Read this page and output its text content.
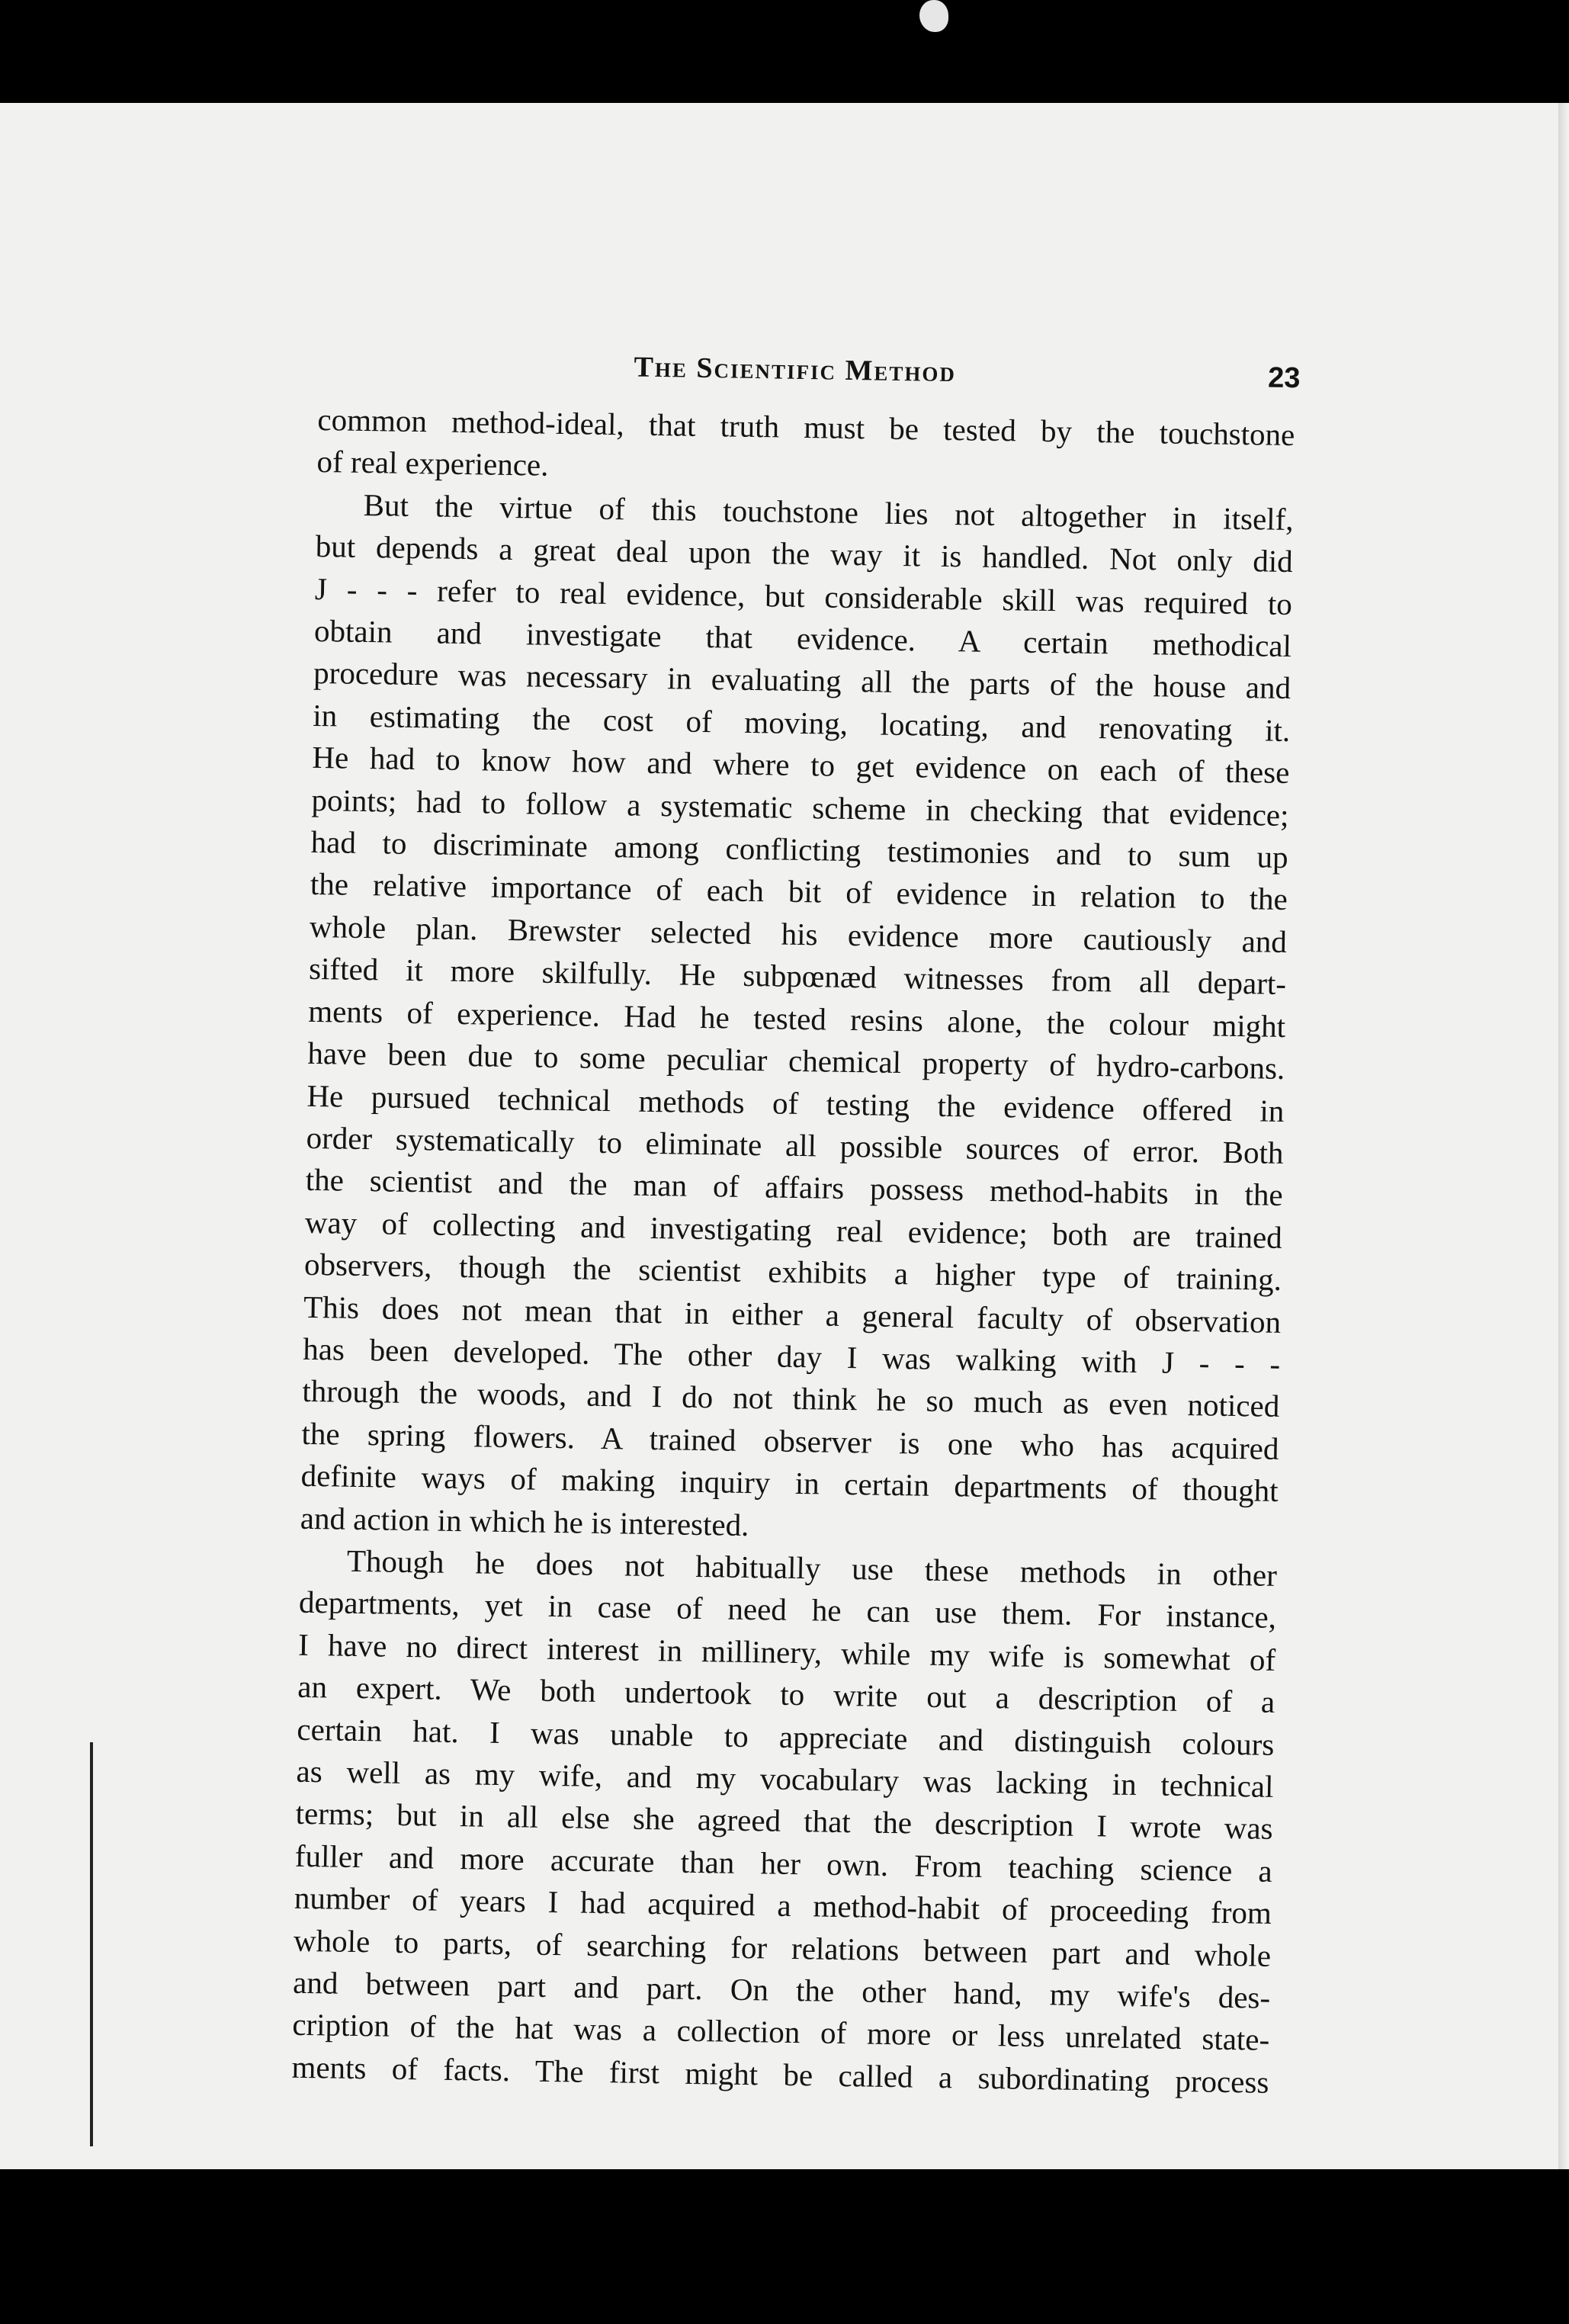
The Scientific Method	23
common method-ideal, that truth must be tested by the touchstone
of real experience.
But the virtue of this touchstone lies not altogether in itself,
but depends a great deal upon the way it is handled. Not only did
J - - - refer to real evidence, but considerable skill was required to
obtain and investigate that evidence. A certain methodical
procedure was necessary in evaluating all the parts of the house and
in estimating the cost of moving, locating, and renovating it.
He had to know how and where to get evidence on each of these
points; had to follow a systematic scheme in checking that evidence;
had to discriminate among conflicting testimonies and to sum up
the relative importance of each bit of evidence in relation to the
whole plan. Brewster selected his evidence more cautiously and
sifted it more skilfully. He subpœnæd witnesses from all depart-
ments of experience. Had he tested resins alone, the colour might
have been due to some peculiar chemical property of hydro-carbons.
He pursued technical methods of testing the evidence offered in
order systematically to eliminate all possible sources of error. Both
the scientist and the man of affairs possess method-habits in the
way of collecting and investigating real evidence; both are trained
observers, though the scientist exhibits a higher type of training.
This does not mean that in either a general faculty of observation
has been developed. The other day I was walking with J - - -
through the woods, and I do not think he so much as even noticed
the spring flowers. A trained observer is one who has acquired
definite ways of making inquiry in certain departments of thought
and action in which he is interested.
Though he does not habitually use these methods in other
departments, yet in case of need he can use them. For instance,
I have no direct interest in millinery, while my wife is somewhat of
an expert. We both undertook to write out a description of a
certain hat. I was unable to appreciate and distinguish colours
as well as my wife, and my vocabulary was lacking in technical
terms; but in all else she agreed that the description I wrote was
fuller and more accurate than her own. From teaching science a
number of years I had acquired a method-habit of proceeding from
whole to parts, of searching for relations between part and whole
and between part and part. On the other hand, my wife's des-
cription of the hat was a collection of more or less unrelated state-
ments of facts. The first might be called a subordinating process
